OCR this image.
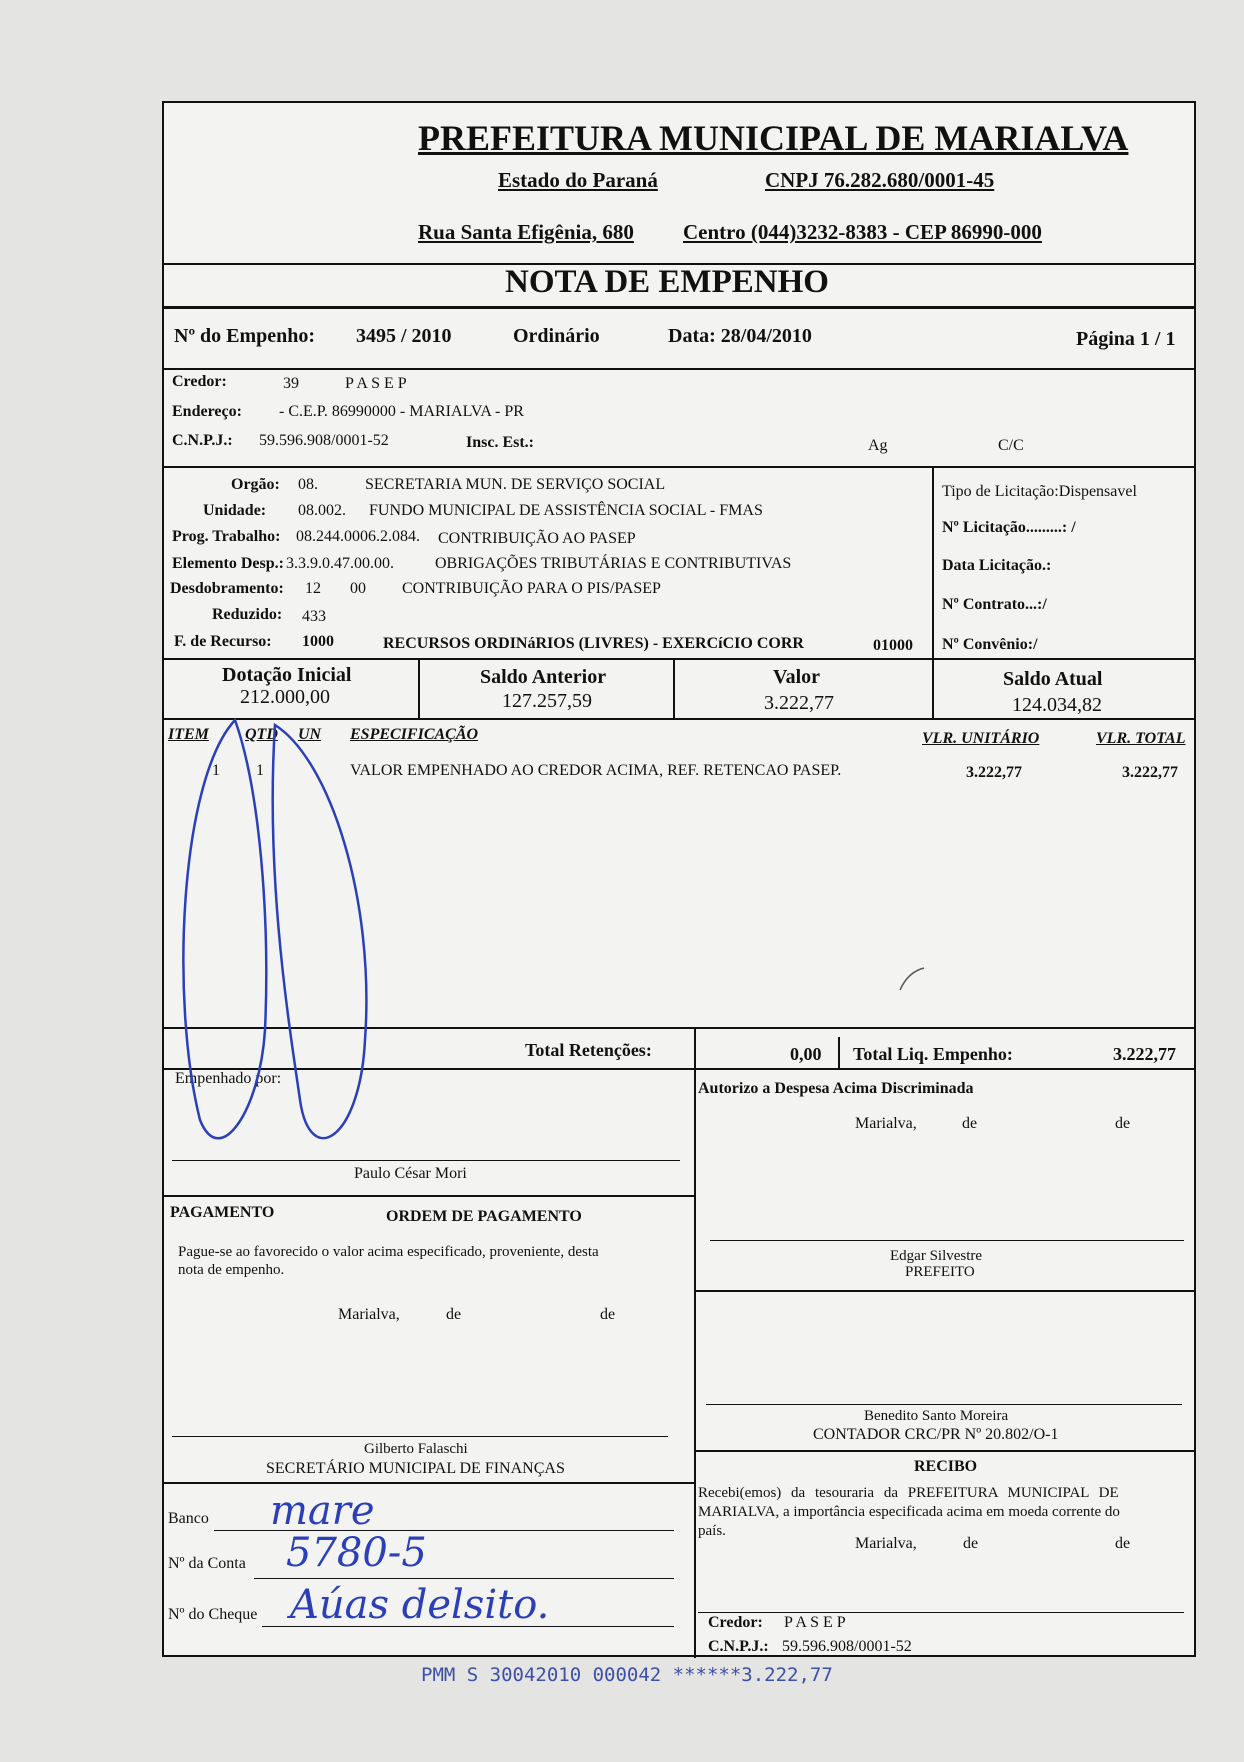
PREFEITURA MUNICIPAL DE MARIALVA
Estado do Paraná	CNPJ 76.282.680/0001-45
Rua Santa Efigênia, 680 Centro (044)3232-8383 - CEP 86990-000
NOTA DE EMPENHO
Nº do Empenho: 3495 / 2010	Ordinário	Data: 28/04/2010	Página 1 / 1
Credor:	39	P A S E P
Endereço: - C.E.P. 86990000 - MARIALVA - PR
C.N.P.J.: 59.596.908/0001-52	Insc. Est.:	Ag	C/C
Orgão: 08.	SECRETARIA MUN. DE SERVIÇO SOCIAL
Unidade: 08.002. FUNDO MUNICIPAL DE ASSISTÊNCIA SOCIAL - FMAS
Prog. Trabalho: 08.244.0006.2.084. CONTRIBUIÇÃO AO PASEP
Elemento Desp.: 3.3.9.0.47.00.00.	OBRIGAÇÕES TRIBUTÁRIAS E CONTRIBUTIVAS
Desdobramento: 12 00 CONTRIBUIÇÃO PARA O PIS/PASEP
Reduzido: 433
F. de Recurso: 1000	RECURSOS ORDINáRIOS (LIVRES) - EXERCíCIO CORR	01000
Tipo de Licitação:Dispensavel
Nº Licitação.........: /
Data Licitação.:
Nº Contrato...:/
Nº Convênio:/
Dotação Inicial
212.000,00
Saldo Anterior
127.257,59
Valor
3.222,77
Saldo Atual
124.034,82
ITEM QTD UN ESPECIFICAÇÃO	VLR. UNITÁRIO	VLR. TOTAL
1 1	VALOR EMPENHADO AO CREDOR ACIMA, REF. RETENCAO PASEP.	3.222,77	3.222,77
Total Retenções:	0,00 Total Liq. Empenho:	3.222,77
Empenhado por:
Paulo César Mori
Autorizo a Despesa Acima Discriminada
Marialva,	de	de
PAGAMENTO	ORDEM DE PAGAMENTO
Pague-se ao favorecido o valor acima especificado, proveniente, desta
nota de empenho.
Marialva,	de	de
Gilberto Falaschi
SECRETÁRIO MUNICIPAL DE FINANÇAS
Edgar Silvestre
PREFEITO
Benedito Santo Moreira
CONTADOR CRC/PR Nº 20.802/O-1
RECIBO
Recebi(emos) da tesouraria da PREFEITURA MUNICIPAL DE
MARIALVA, a importância especificada acima em moeda corrente do
país.
Marialva,	de	de
Credor: P A S E P
C.N.P.J.: 59.596.908/0001-52
Banco mare
Nº da Conta 5780-5
Nº do Cheque Aúas delsito.
PMM S 30042010 000042 ******3.222,77
